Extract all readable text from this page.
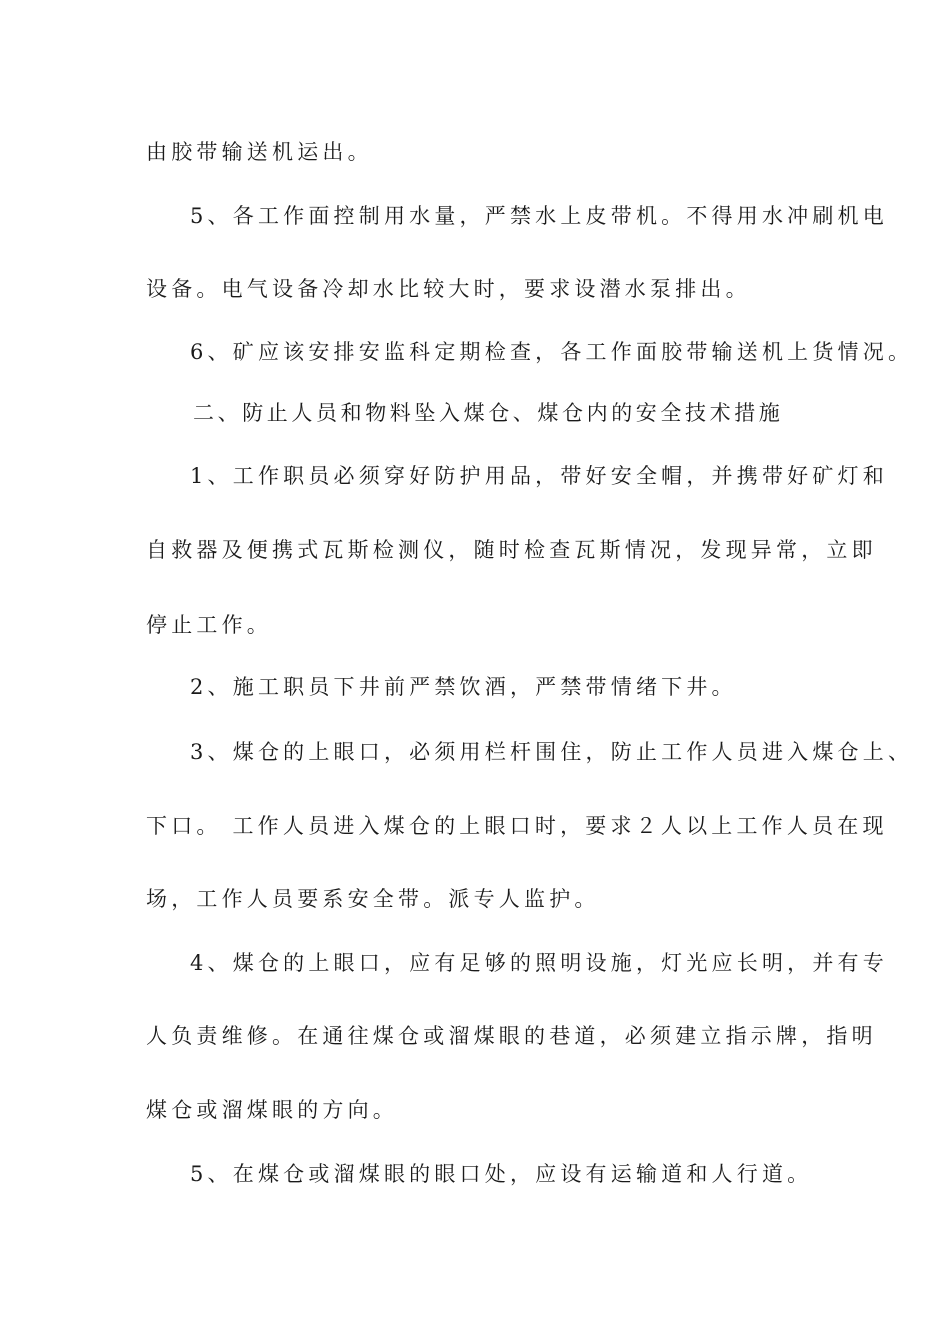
由胶带输送机运出。
5、各工作面控制用水量，严禁水上皮带机。不得用水冲刷机电
设备。电气设备冷却水比较大时，要求设潜水泵排出。
6、矿应该安排安监科定期检查，各工作面胶带输送机上货情况。
二、防止人员和物料坠入煤仓、煤仓内的安全技术措施
1、工作职员必须穿好防护用品，带好安全帽，并携带好矿灯和
自救器及便携式瓦斯检测仪，随时检查瓦斯情况，发现异常，立即
停止工作。
2、施工职员下井前严禁饮酒，严禁带情绪下井。
3、煤仓的上眼口，必须用栏杆围住，防止工作人员进入煤仓上、
下口。 工作人员进入煤仓的上眼口时，要求２人以上工作人员在现
场，工作人员要系安全带。派专人监护。
4、煤仓的上眼口，应有足够的照明设施，灯光应长明，并有专
人负责维修。在通往煤仓或溜煤眼的巷道，必须建立指示牌，指明
煤仓或溜煤眼的方向。
5、在煤仓或溜煤眼的眼口处，应设有运输道和人行道。
